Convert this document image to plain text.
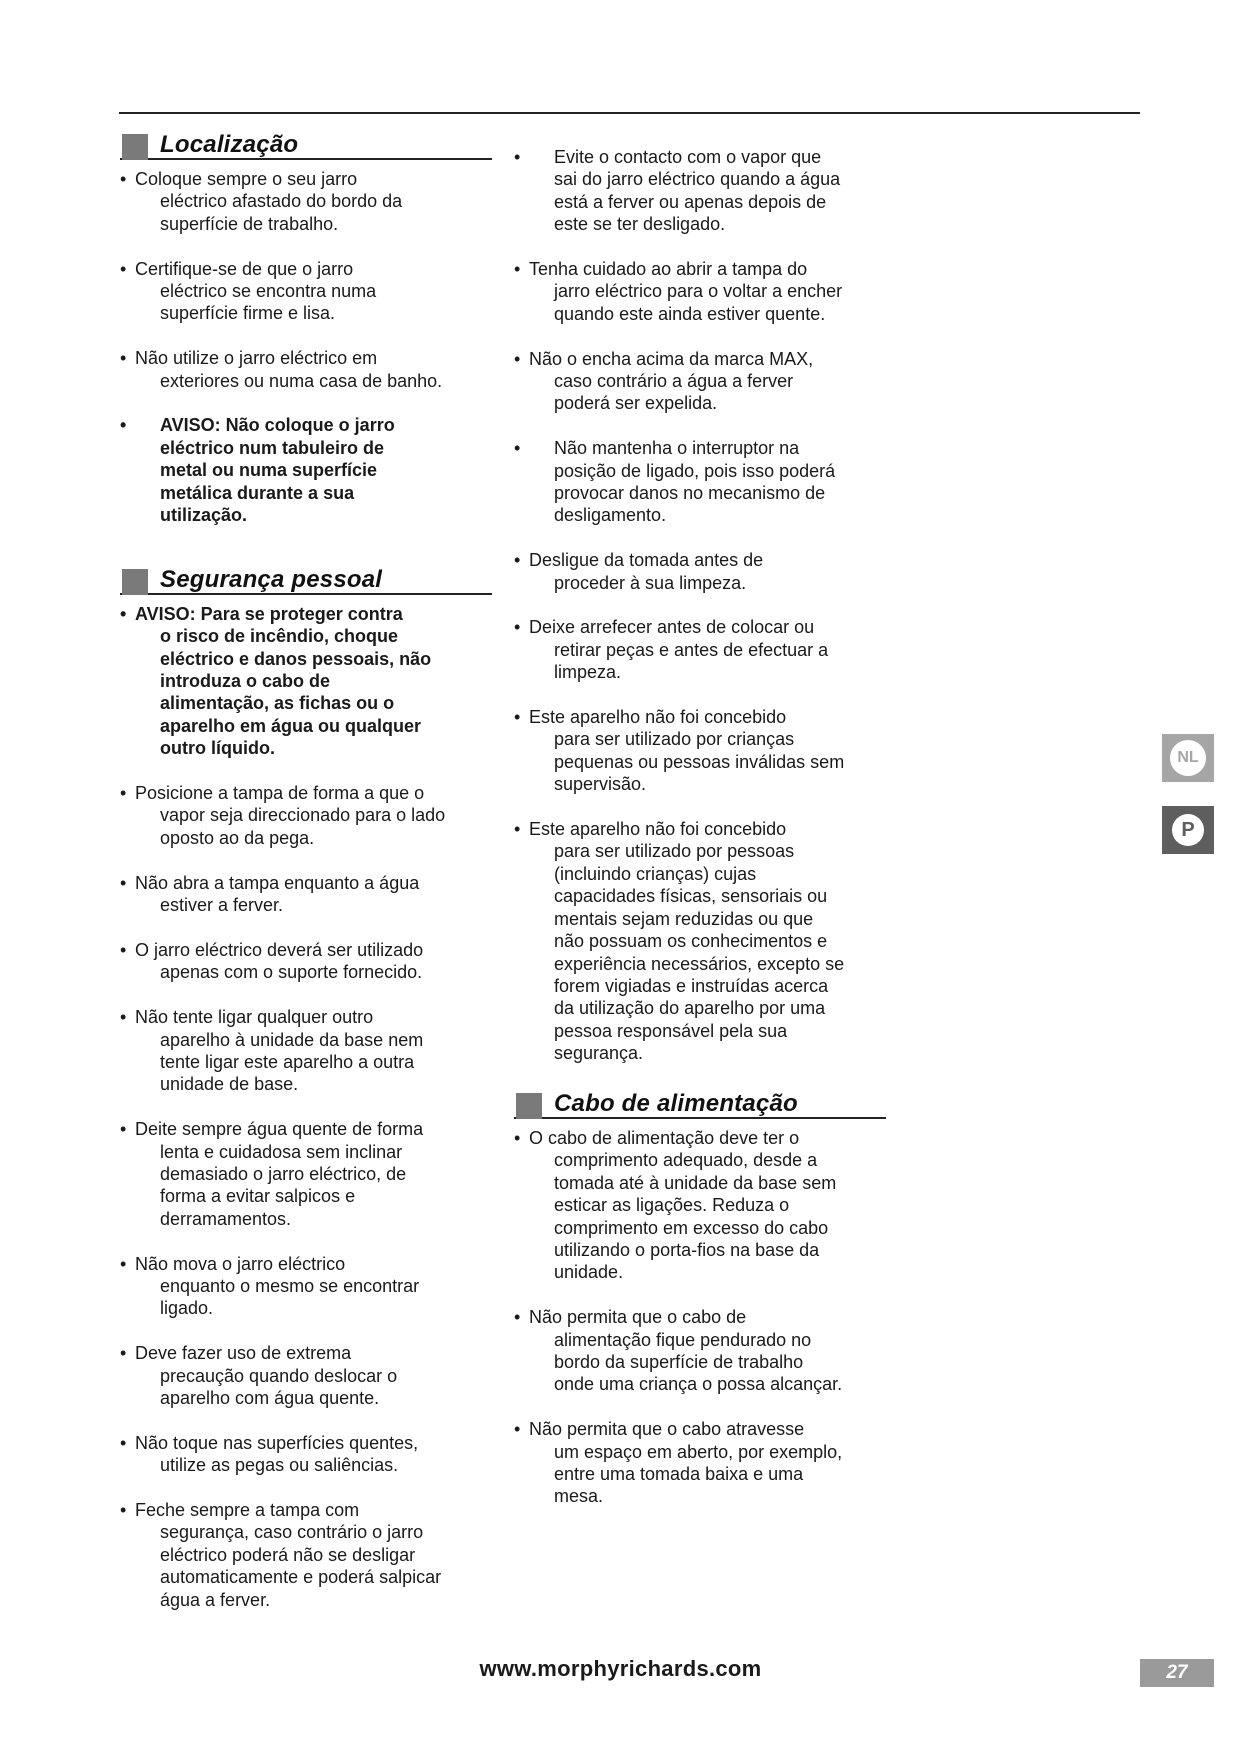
Localização
• Coloque sempre o seu jarro
eléctrico afastado do bordo da
superfície de trabalho.
• Certifique-se de que o jarro
eléctrico se encontra numa
superfície firme e lisa.
• Não utilize o jarro eléctrico em
exteriores ou numa casa de banho.
•	AVISO: Não coloque o jarro
eléctrico num tabuleiro de
metal ou numa superfície
metálica durante a sua
utilização.
Segurança pessoal
• AVISO: Para se proteger contra
o risco de incêndio, choque
eléctrico e danos pessoais, não
introduza o cabo de
alimentação, as fichas ou o
aparelho em água ou qualquer
outro líquido.
• Posicione a tampa de forma a que o
vapor seja direccionado para o lado
oposto ao da pega.
• Não abra a tampa enquanto a água
estiver a ferver.
• O jarro eléctrico deverá ser utilizado
apenas com o suporte fornecido.
• Não tente ligar qualquer outro
aparelho à unidade da base nem
tente ligar este aparelho a outra
unidade de base.
• Deite sempre água quente de forma
lenta e cuidadosa sem inclinar
demasiado o jarro eléctrico, de
forma a evitar salpicos e
derramamentos.
• Não mova o jarro eléctrico
enquanto o mesmo se encontrar
ligado.
• Deve fazer uso de extrema
precaução quando deslocar o
aparelho com água quente.
• Não toque nas superfícies quentes,
utilize as pegas ou saliências.
• Feche sempre a tampa com
segurança, caso contrário o jarro
eléctrico poderá não se desligar
automaticamente e poderá salpicar
água a ferver.
•	Evite o contacto com o vapor que
sai do jarro eléctrico quando a água
está a ferver ou apenas depois de
este se ter desligado.
• Tenha cuidado ao abrir a tampa do
jarro eléctrico para o voltar a encher
quando este ainda estiver quente.
• Não o encha acima da marca MAX,
caso contrário a água a ferver
poderá ser expelida.
•	Não mantenha o interruptor na
posição de ligado, pois isso poderá
provocar danos no mecanismo de
desligamento.
• Desligue da tomada antes de
proceder à sua limpeza.
• Deixe arrefecer antes de colocar ou
retirar peças e antes de efectuar a
limpeza.
• Este aparelho não foi concebido
para ser utilizado por crianças
pequenas ou pessoas inválidas sem
supervisão.
• Este aparelho não foi concebido
para ser utilizado por pessoas
(incluindo crianças) cujas
capacidades físicas, sensoriais ou
mentais sejam reduzidas ou que
não possuam os conhecimentos e
experiência necessários, excepto se
forem vigiadas e instruídas acerca
da utilização do aparelho por uma
pessoa responsável pela sua
segurança.
Cabo de alimentação
• O cabo de alimentação deve ter o
comprimento adequado, desde a
tomada até à unidade da base sem
esticar as ligações. Reduza o
comprimento em excesso do cabo
utilizando o porta-fios na base da
unidade.
• Não permita que o cabo de
alimentação fique pendurado no
bordo da superfície de trabalho
onde uma criança o possa alcançar.
• Não permita que o cabo atravesse
um espaço em aberto, por exemplo,
entre uma tomada baixa e uma
mesa.
NL
P
www.morphyrichards.com	27
